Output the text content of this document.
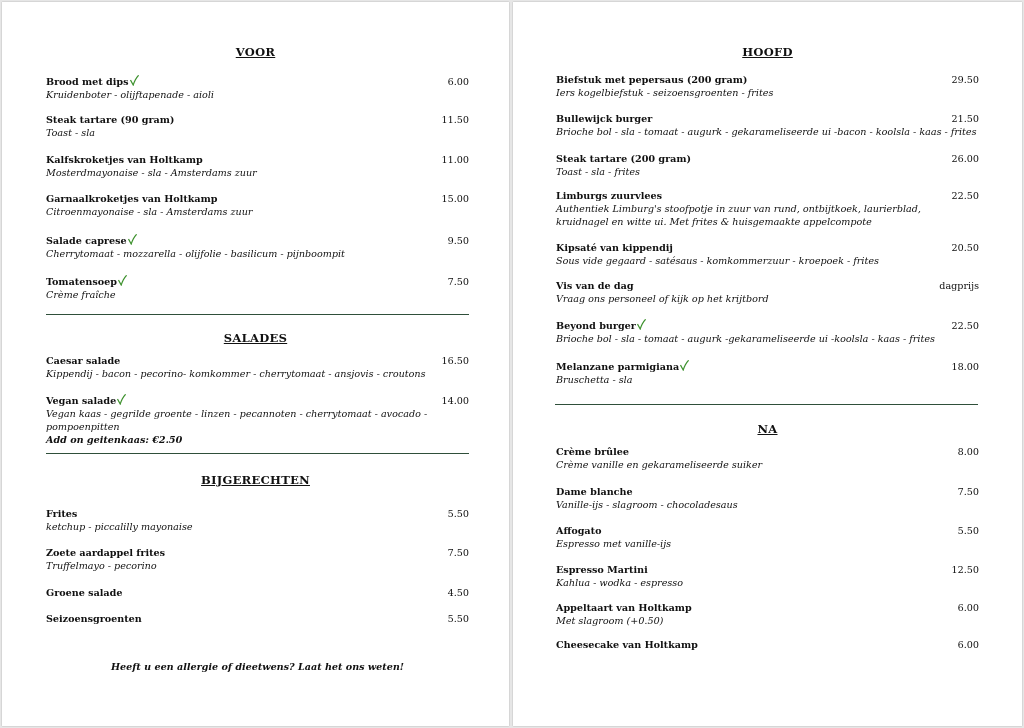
VOOR
Brood met dips	6.00
Kruidenboter - olijftapenade - aioli
Steak tartare (90 gram)	11.50
Toast - sla
Kalfskroketjes van Holtkamp	11.00
Mosterdmayonaise - sla - Amsterdams zuur
Garnaalkroketjes van Holtkamp	15.00
Citroenmayonaise - sla - Amsterdams zuur
Salade caprese	9.50
Cherrytomaat - mozzarella - olijfolie - basilicum - pijnboompit
Tomatensoep	7.50
Crème fraîche
SALADES
Caesar salade	16.50
Kippendij - bacon - pecorino- komkommer - cherrytomaat - ansjovis - croutons
Vegan salade	14.00
Vegan kaas - gegrilde groente - linzen - pecannoten - cherrytomaat - avocado - pompoenpitten
Add on geitenkaas: €2.50
BIJGERECHTEN
Frites	5.50
ketchup - piccalilly mayonaise
Zoete aardappel frites	7.50
Truffelmayo - pecorino
Groene salade	4.50
Seizoensgroenten	5.50
Heeft u een allergie of dieetwens? Laat het ons weten!
HOOFD
Biefstuk met pepersaus (200 gram)	29.50
Iers kogelbiefstuk - seizoensgroenten - frites
Bullewijck burger	21.50
Brioche bol - sla - tomaat - augurk - gekarameliseerde ui -bacon - koolsla - kaas - frites
Steak tartare (200 gram)	26.00
Toast - sla - frites
Limburgs zuurvlees	22.50
Authentiek Limburg's stoofpotje in zuur van rund, ontbijtkoek, laurierblad,
kruidnagel en witte ui. Met frites & huisgemaakte appelcompote
Kipsaté van kippendij	20.50
Sous vide gegaard - satésaus - komkommerzuur - kroepoek - frites
Vis van de dag	dagprijs
Vraag ons personeel of kijk op het krijtbord
Beyond burger	22.50
Brioche bol - sla - tomaat - augurk -gekarameliseerde ui -koolsla - kaas - frites
Melanzane parmigiana	18.00
Bruschetta - sla
NA
Crème brûlee	8.00
Crème vanille en gekarameliseerde suiker
Dame blanche	7.50
Vanille-ijs - slagroom - chocoladesaus
Affogato	5.50
Espresso met vanille-ijs
Espresso Martini	12.50
Kahlua - wodka - espresso
Appeltaart van Holtkamp	6.00
Met slagroom (+0.50)
Cheesecake van Holtkamp	6.00
